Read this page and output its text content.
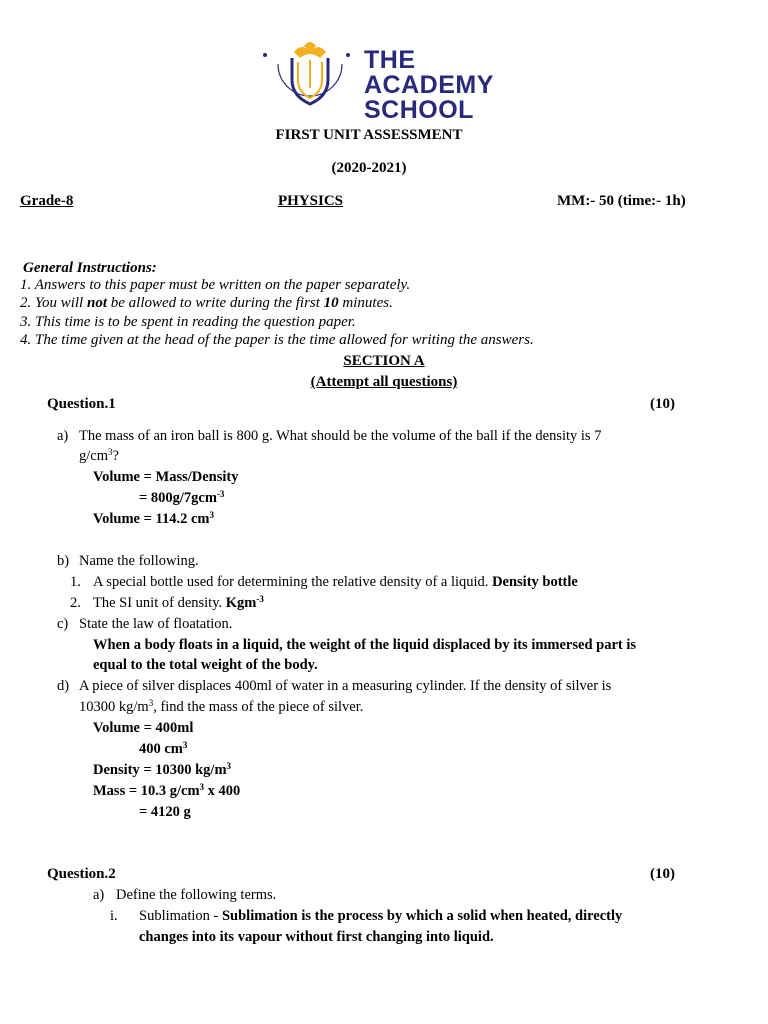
THE
ACADEMY
SCHOOL
FIRST UNIT ASSESSMENT
(2020-2021)
Grade-8	PHYSICS	MM:- 50 (time:- 1h)
General Instructions:
1. Answers to this paper must be written on the paper separately.
2. You will not be allowed to write during the first 10 minutes.
3. This time is to be spent in reading the question paper.
4. The time given at the head of the paper is the time allowed for writing the answers.
SECTION A
(Attempt all questions)
Question.1	(10)
a) The mass of an iron ball is 800 g. What should be the volume of the ball if the density is 7
$g/cm^3$?
Volume = Mass/Density
= 800g/7gcm$^{-3}$
Volume = 114.2 $cm^3$
b) Name the following.
1. A special bottle used for determining the relative density of a liquid. Density bottle
2. The SI unit of density. Kgm$^{-3}$
c) State the law of floatation.
When a body floats in a liquid, the weight of the liquid displaced by its immersed part is
equal to the total weight of the body.
d) A piece of silver displaces 400ml of water in a measuring cylinder. If the density of silver is
10300 $kg/m^3$, find the mass of the piece of silver.
Volume = 400ml
400 $cm^3$
Density = 10300 $kg/m^3$
Mass = 10.3 $g/cm^3$ x 400
= 4120 g
Question.2	(10)
a) Define the following terms.
i. Sublimation - Sublimation is the process by which a solid when heated, directly
changes into its vapour without first changing into liquid.
